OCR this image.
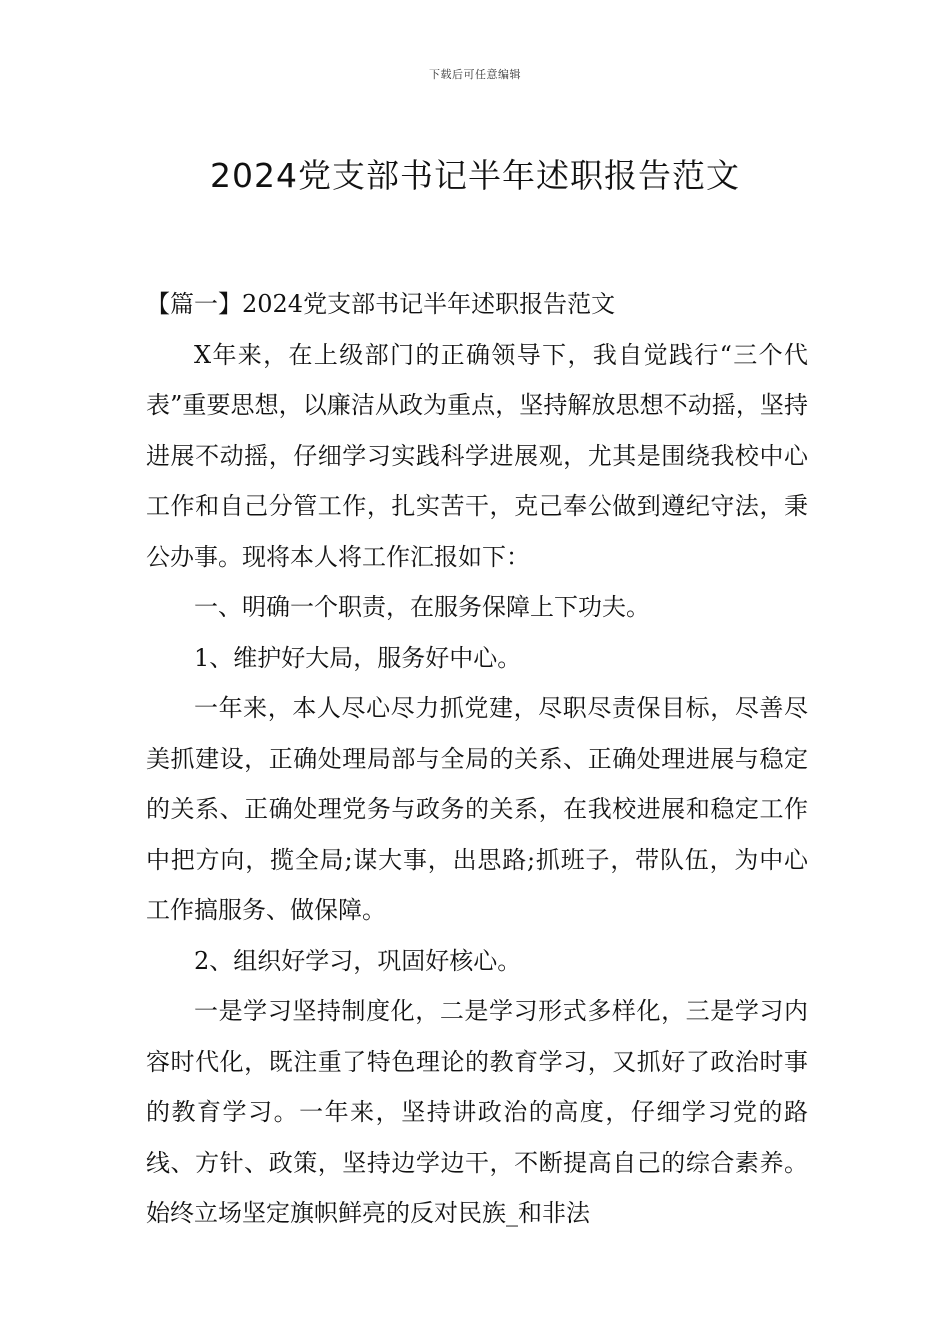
下载后可任意编辑
2024党支部书记半年述职报告范文

【篇一】2024党支部书记半年述职报告范文

X年来，在上级部门的正确领导下，我自觉践行“三个代表”重要思想，以廉洁从政为重点，坚持解放思想不动摇，坚持进展不动摇，仔细学习实践科学进展观，尤其是围绕我校中心工作和自己分管工作，扎实苦干，克己奉公做到遵纪守法，秉公办事。现将本人将工作汇报如下：

一、明确一个职责，在服务保障上下功夫。

1、维护好大局，服务好中心。

一年来，本人尽心尽力抓党建，尽职尽责保目标，尽善尽美抓建设，正确处理局部与全局的关系、正确处理进展与稳定的关系、正确处理党务与政务的关系，在我校进展和稳定工作中把方向，揽全局;谋大事，出思路;抓班子，带队伍，为中心工作搞服务、做保障。

2、组织好学习，巩固好核心。

一是学习坚持制度化，二是学习形式多样化，三是学习内容时代化，既注重了特色理论的教育学习，又抓好了政治时事的教育学习。一年来，坚持讲政治的高度，仔细学习党的路线、方针、政策，坚持边学边干，不断提高自己的综合素养。始终立场坚定旗帜鲜亮的反对民族_和非法
